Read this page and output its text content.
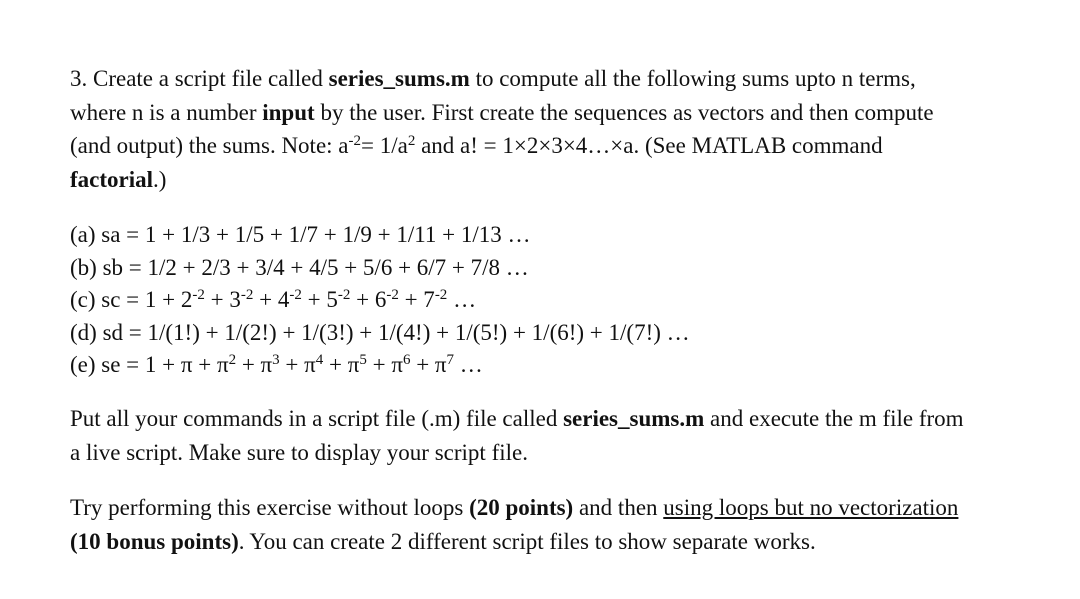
3. Create a script file called series_sums.m to compute all the following sums upto n terms,
where n is a number input by the user. First create the sequences as vectors and then compute
(and output) the sums. Note: $a^{-2}= 1/a^2$ and a! = 1×2×3×4…×a. (See MATLAB command
factorial.)

(a) sa = 1 + 1/3 + 1/5 + 1/7 + 1/9 + 1/11 + 1/13 …
(b) sb = 1/2 + 2/3 + 3/4 + 4/5 + 5/6 + 6/7 + 7/8 …
(c) sc = $1 + 2^{-2} + 3^{-2} + 4^{-2} + 5^{-2} + 6^{-2} + 7^{-2}$ …
(d) sd = 1/(1!) + 1/(2!) + 1/(3!) + 1/(4!) + 1/(5!) + 1/(6!) + 1/(7!) …
(e) se = $1 + \pi + \pi^2 + \pi^3 + \pi^4 + \pi^5 + \pi^6 + \pi^7$ …

Put all your commands in a script file (.m) file called series_sums.m and execute the m file from
a live script. Make sure to display your script file.

Try performing this exercise without loops (20 points) and then using loops but no vectorization
(10 bonus points). You can create 2 different script files to show separate works.
